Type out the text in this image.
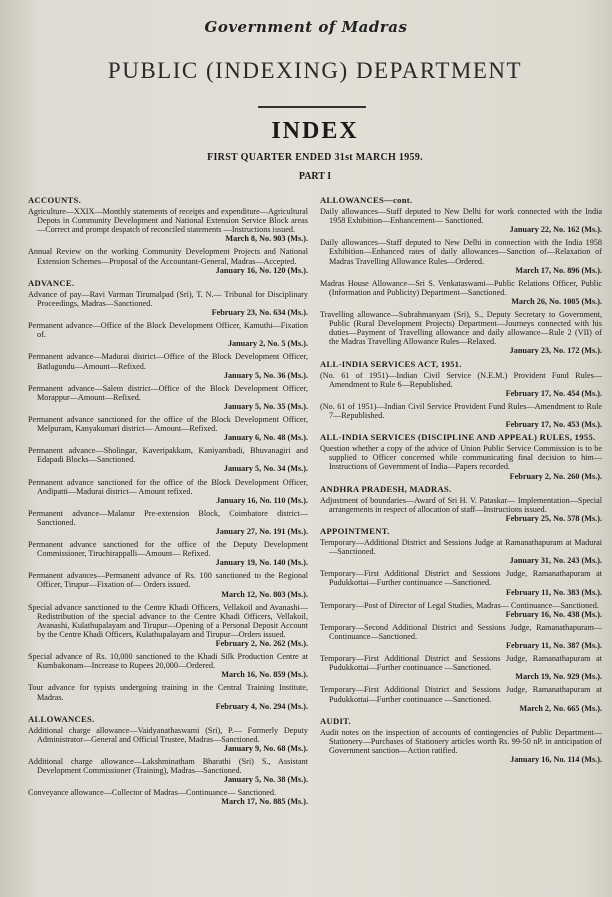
Government of Madras
PUBLIC (INDEXING) DEPARTMENT
INDEX
FIRST QUARTER ENDED 31st MARCH 1959.
PART I
ACCOUNTS.
Agriculture—XXIX—Monthly statements of receipts and expenditure—Agricultural Depots in Community Development and National Extension Service Block areas —Correct and prompt despatch of reconciled statements —Instructions issued.
March 8, No. 903 (Ms.).
Annual Review on the working Community Development Projects and National Extension Schemes—Proposal of the Accountant-General, Madras—Accepted.
January 16, No. 120 (Ms.).
ADVANCE.
Advance of pay—Ravi Varman Tirumalpad (Sri), T. N.— Tribunal for Disciplinary Proceedings, Madras—Sanctioned.
February 23, No. 634 (Ms.).
Permanent advance—Office of the Block Development Officer, Kamuthi—Fixation of.
January 2, No. 5 (Ms.).
Permanent advance—Madurai district—Office of the Block Development Officer, Batlagundu—Amount—Refixed.
January 5, No. 36 (Ms.).
Permanent advance—Salem district—Office of the Block Development Officer, Morappur—Amount—Refixed.
January 5, No. 35 (Ms.).
Permanent advance sanctioned for the office of the Block Development Officer, Melpuram, Kanyakumari district— Amount—Refixed.
January 6, No. 48 (Ms.).
Permanent advance—Sholingar, Kaveripakkam, Kaniyambadi, Bhuvanagiri and Edapadi Blocks—Sanctioned.
January 5, No. 34 (Ms.).
Permanent advance sanctioned for the office of the Block Development Officer, Andipatti—Madurai district— Amount refixed.
January 16, No. 110 (Ms.).
Permanent advance—Malanur Pre-extension Block, Coimbatore district—Sanctioned.
January 27, No. 191 (Ms.).
Permanent advance sanctioned for the office of the Deputy Development Commissioner, Tiruchirappalli—Amount— Refixed.
January 19, No. 140 (Ms.).
Permanent advances—Permanent advance of Rs. 100 sanctioned to the Regional Officer, Tirupur—Fixation of— Orders issued.
March 12, No. 803 (Ms.).
Special advance sanctioned to the Centre Khadi Officers, Vellakoil and Avanashi—Redistribution of the special advance to the Centre Khadi Officers, Vellakoil, Avanashi, Kulathupalayam and Tirupur—Opening of a Personal Deposit Account by the Centre Khadi Officers, Kulathupalayam and Tirupur—Orders issued.
February 2, No. 262 (Ms.).
Special advance of Rs. 10,000 sanctioned to the Khadi Silk Production Centre at Kumbakonam—Increase to Rupees 20,000—Ordered.
March 16, No. 859 (Ms.).
Tour advance for typists undergoing training in the Central Training Institute, Madras.
February 4, No. 294 (Ms.).
ALLOWANCES.
Additional charge allowance—Vaidyanathaswami (Sri), P.— Formerly Deputy Administrator—General and Official Trustee, Madras—Sanctioned.
January 9, No. 68 (Ms.).
Additional charge allowance—Lakshminatham Bharathi (Sri) S., Assistant Development Commissioner (Training), Madras—Sanctioned.
January 5, No. 38 (Ms.).
Conveyance allowance—Collector of Madras—Continuance— Sanctioned.
March 17, No. 885 (Ms.).
ALLOWANCES—cont.
Daily allowances—Staff deputed to New Delhi for work connected with the India 1958 Exhibition—Enhancement— Sanctioned.
January 22, No. 162 (Ms.).
Daily allowances—Staff deputed to New Delhi in connection with the India 1958 Exhibition—Enhanced rates of daily allowances—Sanction of—Relaxation of Madras Travelling Allowance Rules—Ordered.
March 17, No. 896 (Ms.).
Madras House Allowance—Sri S. Venkataswami—Public Relations Officer, Public (Information and Publicity) Department—Sanctioned.
March 26, No. 1005 (Ms.).
Travelling allowance—Subrahmanyam (Sri), S., Deputy Secretary to Government, Public (Rural Development Projects) Department—Journeys connected with his duties—Payment of Travelling allowance and daily allowance—Rule 2 (VII) of the Madras Travelling Allowance Rules—Relaxed.
January 23, No. 172 (Ms.).
ALL-INDIA SERVICES ACT, 1951.
(No. 61 of 1951)—Indian Civil Service (N.E.M.) Provident Fund Rules—Amendment to Rule 6—Republished.
February 17, No. 454 (Ms.).
(No. 61 of 1951)—Indian Civil Service Provident Fund Rules—Amendment to Rule 7—Republished.
February 17, No. 453 (Ms.).
ALL-INDIA SERVICES (DISCIPLINE AND APPEAL) RULES, 1955.
Question whether a copy of the advice of Union Public Service Commission is to be supplied to Officer concerned while communicating final decision to him—Instructions of Government of India—Papers recorded.
February 2, No. 260 (Ms.).
ANDHRA PRADESH, MADRAS.
Adjustment of boundaries—Award of Sri H. V. Pataskar— Implementation—Special arrangements in respect of allocation of staff—Instructions issued.
February 25, No. 578 (Ms.).
APPOINTMENT.
Temporary—Additional District and Sessions Judge at Ramanathapuram at Madurai—Sanctioned.
January 31, No. 243 (Ms.).
Temporary—First Additional District and Sessions Judge, Ramanathapuram at Pudukkottai—Further continuance —Sanctioned.
February 11, No. 383 (Ms.).
Temporary—Post of Director of Legal Studies, Madras— Continuance—Sanctioned.
February 16, No. 438 (Ms.).
Temporary—Second Additional District and Sessions Judge, Ramanathapuram—Continuance—Sanctioned.
February 11, No. 387 (Ms.).
Temporary—First Additional District and Sessions Judge, Ramanathapuram at Pudukkottai—Further continuance —Sanctioned.
March 19, No. 929 (Ms.).
Temporary—First Additional District and Sessions Judge, Ramanathapuram at Pudukkottai—Further continuance —Sanctioned.
March 2, No. 665 (Ms.).
AUDIT.
Audit notes on the inspection of accounts of contingencies of Public Department—Stationery—Purchases of Stationery articles worth Rs. 99-50 nP. in anticipation of Government sanction—Action ratified.
January 16, No. 114 (Ms.).
